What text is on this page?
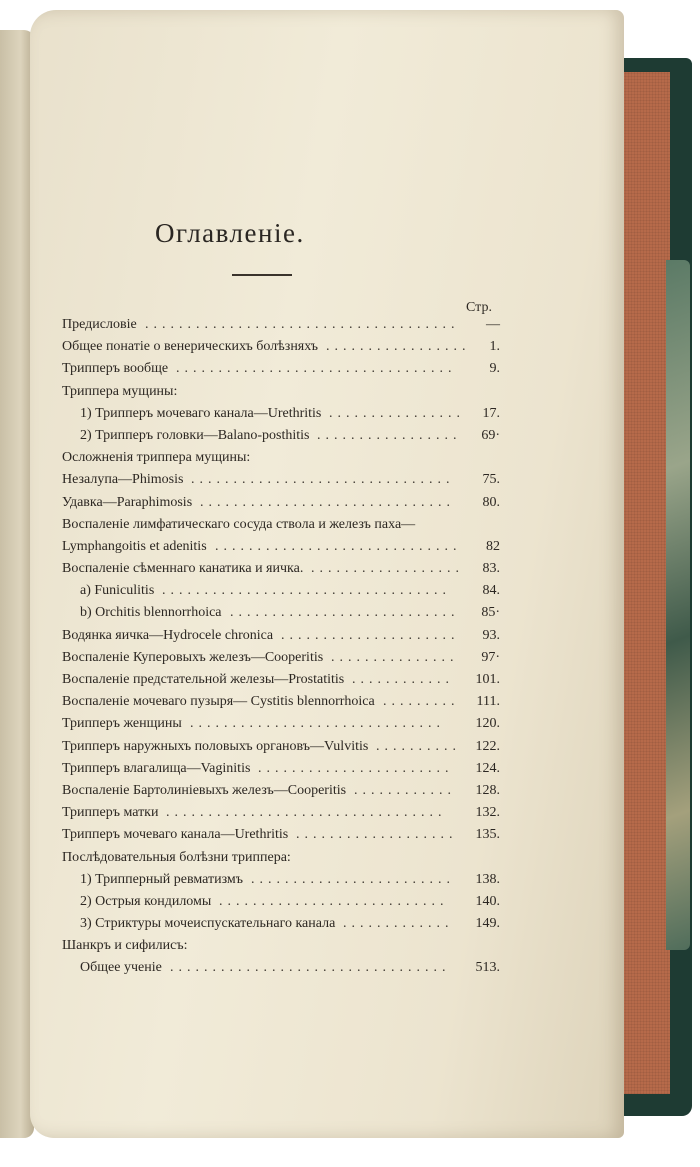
Оглавленіе.
Стр.
Предисловіе .....................................	—
Общее понатіе о венерическихъ болѣзняхъ .................	1.
Трипперъ вообще .................................	9.
Триппера мущины:
1) Трипперъ мочеваго канала—Urethritis ................	17.
2) Трипперъ головки—Balano-posthitis .................	69·
Осложненія триппера мущины:
Незалупа—Phimosis ...............................	75.
Удавка—Paraphimosis ..............................	80.
Воспаленіе лимфатическаго сосуда ствола и железъ паха—
Lymphangoitis et adenitis .............................	82
Воспаленіе сѣменнаго канатика и яичка. ..................	83.
a) Funiculitis ..................................	84.
b) Orchitis blennorrhoica ...........................	85·
Водянка яичка—Hydrocele chronica .....................	93.
Воспаленіе Куперовыхъ железъ—Cooperitis ...............	97·
Воспаленіе предстательной железы—Prostatitis ............	101.
Воспаленіе мочеваго пузыря— Cystitis blennorrhoica .........	111.
Трипперъ женщины ..............................	120.
Трипперъ наружныхъ половыхъ органовъ—Vulvitis ..........	122.
Трипперъ влагалища—Vaginitis .......................	124.
Воспаленіе Бартолиніевыхъ железъ—Cooperitis ............	128.
Трипперъ матки .................................	132.
Трипперъ мочеваго канала—Urethritis ...................	135.
Послѣдовательныя болѣзни триппера:
1) Трипперный ревматизмъ ........................	138.
2) Острыя кондиломы ...........................	140.
3) Стриктуры мочеиспускательнаго канала .............	149.
Шанкръ и сифилисъ:
Общее ученіе .................................	513.
